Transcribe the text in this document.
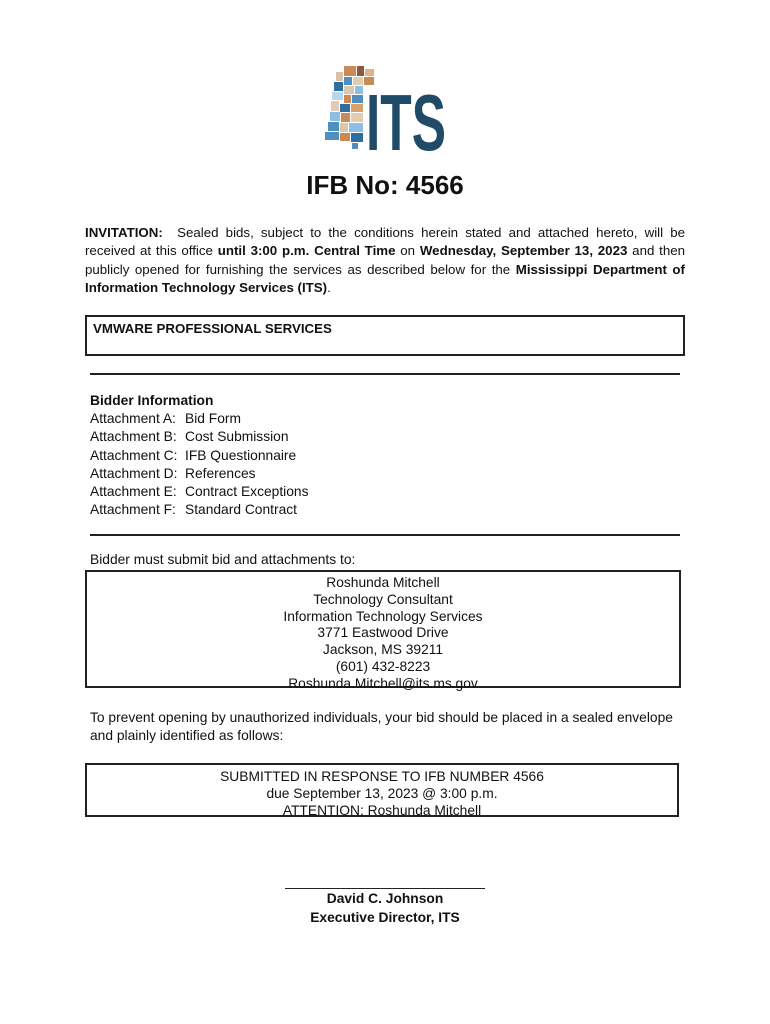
ITS
IFB No: 4566
INVITATION: Sealed bids, subject to the conditions herein stated and attached hereto, will be received at this office until 3:00 p.m. Central Time on Wednesday, September 13, 2023 and then publicly opened for furnishing the services as described below for the Mississippi Department of Information Technology Services (ITS).
VMWARE PROFESSIONAL SERVICES
Bidder Information
Attachment A: Bid Form
Attachment B: Cost Submission
Attachment C: IFB Questionnaire
Attachment D: References
Attachment E: Contract Exceptions
Attachment F: Standard Contract
Bidder must submit bid and attachments to:
Roshunda Mitchell
Technology Consultant
Information Technology Services
3771 Eastwood Drive
Jackson, MS 39211
(601) 432-8223
Roshunda.Mitchell@its.ms.gov
To prevent opening by unauthorized individuals, your bid should be placed in a sealed envelope and plainly identified as follows:
SUBMITTED IN RESPONSE TO IFB NUMBER 4566
due September 13, 2023 @ 3:00 p.m.
ATTENTION: Roshunda Mitchell
David C. Johnson
Executive Director, ITS
